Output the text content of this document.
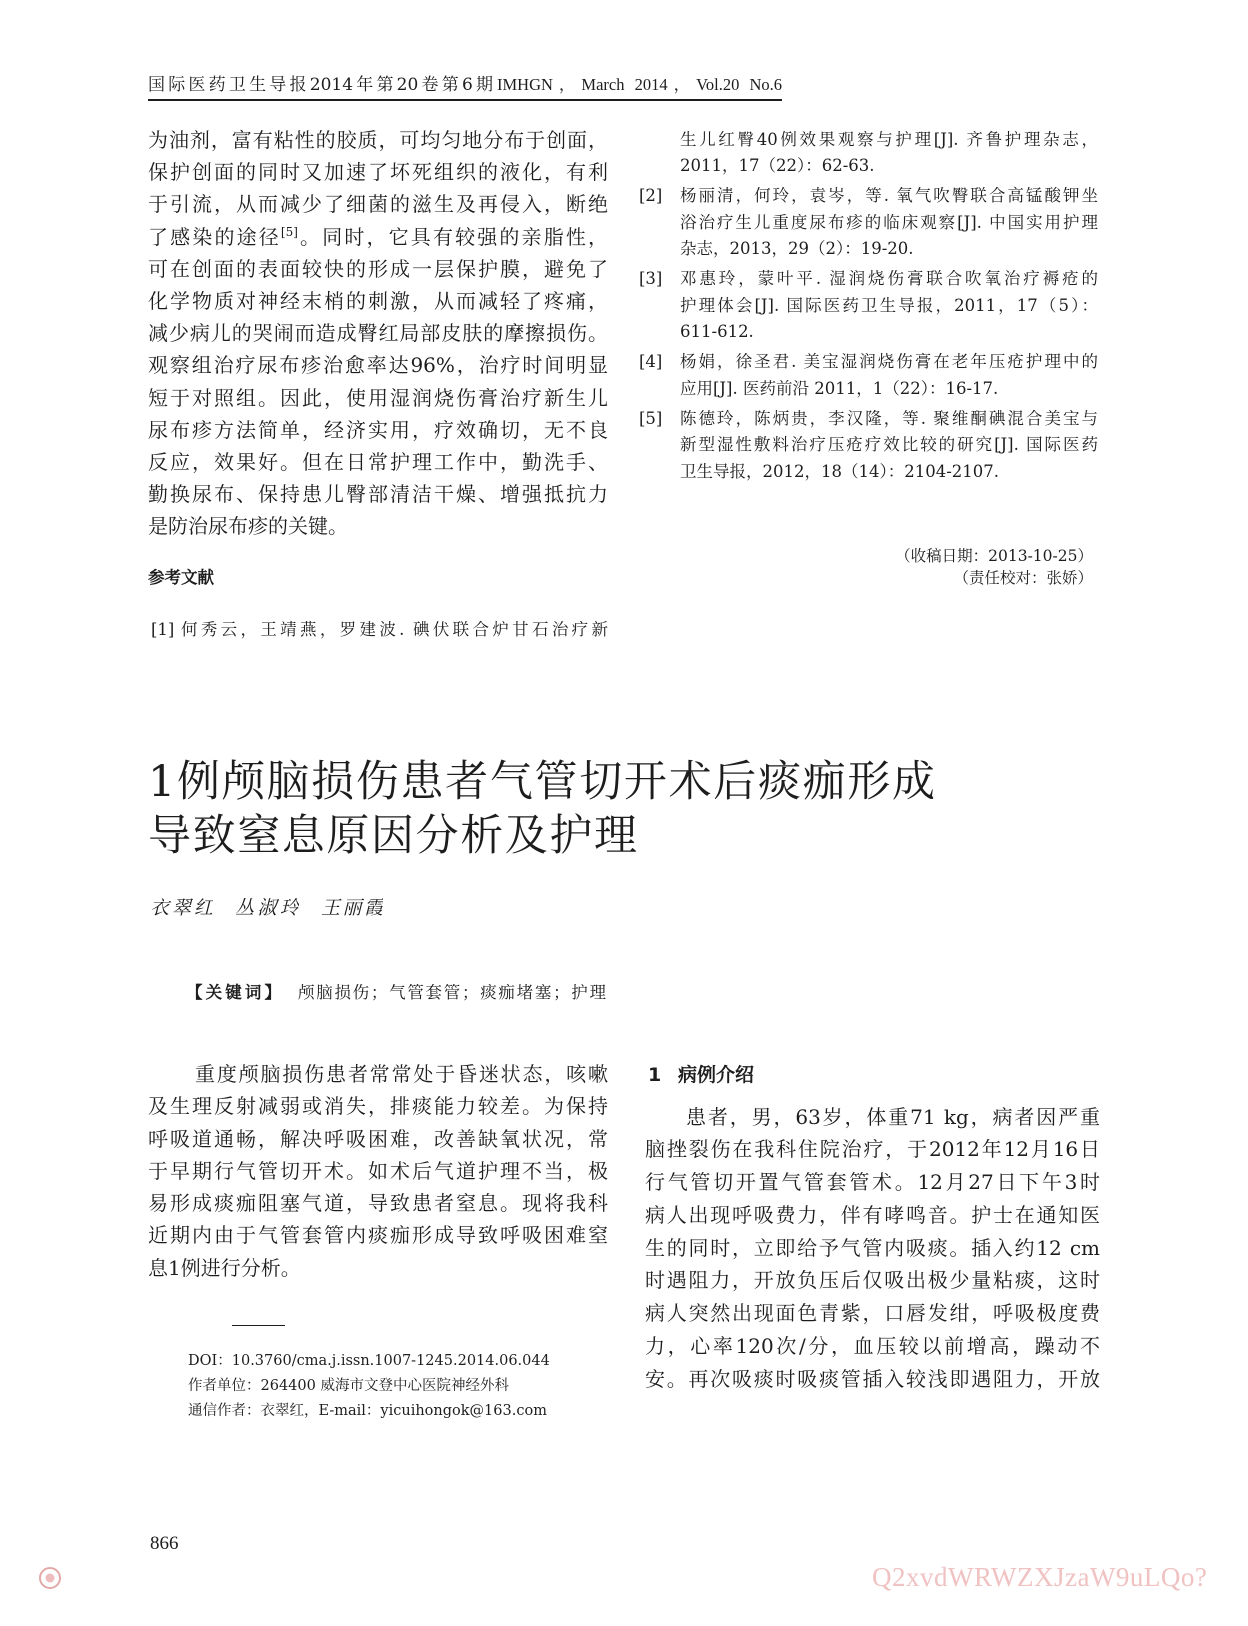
国际医药卫生导报2014年第20卷第6期 IMHGN，March 2014，Vol.20 No.6
为油剂，富有粘性的胶质，可均匀地分布于创面，
保护创面的同时又加速了坏死组织的液化，有利
于引流，从而减少了细菌的滋生及再侵入，断绝
了感染的途径[5]。同时，它具有较强的亲脂性，
可在创面的表面较快的形成一层保护膜，避免了
化学物质对神经末梢的刺激，从而减轻了疼痛，
减少病儿的哭闹而造成臀红局部皮肤的摩擦损伤。
观察组治疗尿布疹治愈率达96%，治疗时间明显
短于对照组。因此，使用湿润烧伤膏治疗新生儿
尿布疹方法简单，经济实用，疗效确切，无不良
反应，效果好。但在日常护理工作中，勤洗手、
勤换尿布、保持患儿臀部清洁干燥、增强抵抗力
是防治尿布疹的关键。
参考文献
[1] 何秀云，王靖燕，罗建波. 碘伏联合炉甘石治疗新
生儿红臀40例效果观察与护理[J]. 齐鲁护理杂志，
2011，17（22）：62-63.
[2] 杨丽清，何玲，袁岑，等. 氧气吹臀联合高锰酸钾坐
浴治疗生儿重度尿布疹的临床观察[J]. 中国实用护理
杂志，2013，29（2）：19-20.
[3] 邓惠玲，蒙叶平. 湿润烧伤膏联合吹氧治疗褥疮的
护理体会[J]. 国际医药卫生导报，2011，17（5）：
611-612.
[4] 杨娟，徐圣君. 美宝湿润烧伤膏在老年压疮护理中的
应用[J]. 医药前沿 2011，1（22）：16-17.
[5] 陈德玲，陈炳贵，李汉隆，等. 聚维酮碘混合美宝与
新型湿性敷料治疗压疮疗效比较的研究[J]. 国际医药
卫生导报，2012，18（14）：2104-2107.
（收稿日期：2013-10-25）
（责任校对：张娇）
1例颅脑损伤患者气管切开术后痰痂形成
导致窒息原因分析及护理
衣翠红 丛淑玲 王丽霞
【关键词】 颅脑损伤；气管套管；痰痂堵塞；护理
重度颅脑损伤患者常常处于昏迷状态，咳嗽
及生理反射减弱或消失，排痰能力较差。为保持
呼吸道通畅，解决呼吸困难，改善缺氧状况，常
于早期行气管切开术。如术后气道护理不当，极
易形成痰痂阻塞气道，导致患者窒息。现将我科
近期内由于气管套管内痰痂形成导致呼吸困难窒
息1例进行分析。
DOI：10.3760/cma.j.issn.1007-1245.2014.06.044
作者单位：264400 威海市文登中心医院神经外科
通信作者：衣翠红，E-mail：yicuihongok@163.com
1 病例介绍
患者，男，63岁，体重71 kg，病者因严重
脑挫裂伤在我科住院治疗，于2012年12月16日
行气管切开置气管套管术。12月27日下午3时
病人出现呼吸费力，伴有哮鸣音。护士在通知医
生的同时，立即给予气管内吸痰。插入约12 cm
时遇阻力，开放负压后仅吸出极少量粘痰，这时
病人突然出现面色青紫，口唇发绀，呼吸极度费
力，心率120次/分，血压较以前增高，躁动不
安。再次吸痰时吸痰管插入较浅即遇阻力，开放
866
Q2xvdWRWZXJzaW9uLQo?
